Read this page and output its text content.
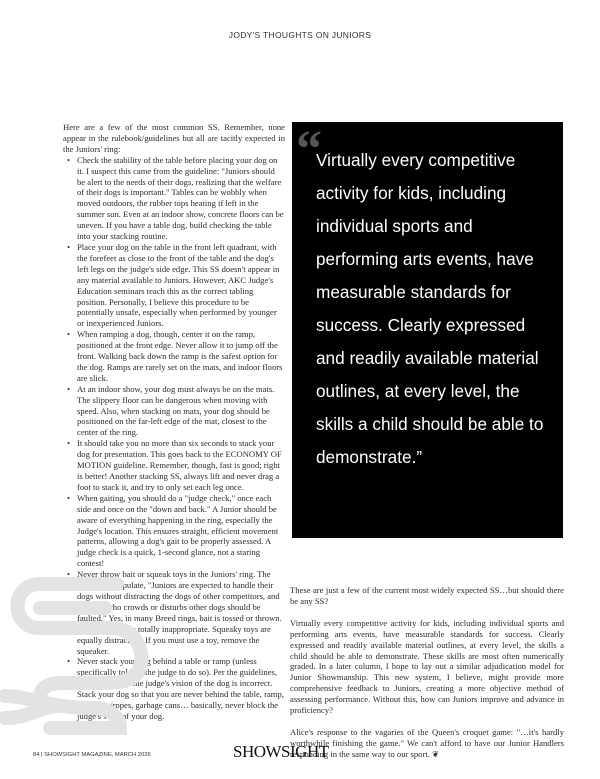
JODY'S THOUGHTS ON JUNIORS

Here are a few of the most common SS. Remember, none appear in the rulebook/guidelines but all are tacitly expected in the Juniors' ring:

• Check the stability of the table before placing your dog on it. I suspect this came from the guideline: "Juniors should be alert to the needs of their dogs, realizing that the welfare of their dogs is important." Tables can be wobbly when moved outdoors, the rubber tops heating if left in the summer sun. Even at an indoor show, concrete floors can be uneven. If you have a table dog, build checking the table into your stacking routine.
• Place your dog on the table in the front left quadrant, with the forefeet as close to the front of the table and the dog's left legs on the judge's side edge. This SS doesn't appear in any material available to Juniors. However, AKC Judge's Education seminars teach this as the correct tabling position. Personally, I believe this procedure to be potentially unsafe, especially when performed by younger or inexperienced Juniors.
• When ramping a dog, though, center it on the ramp, positioned at the front edge. Never allow it to jump off the front. Walking back down the ramp is the safest option for the dog. Ramps are rarely set on the mats, and indoor floors are slick.
• At an indoor show, your dog must always be on the mats. The slippery floor can be dangerous when moving with speed. Also, when stacking on mats, your dog should be positioned on the far-left edge of the mat, closest to the center of the ring.
• It should take you no more than six seconds to stack your dog for presentation. This goes back to the ECONOMY OF MOTION guideline. Remember, though, fast is good; right is better! Another stacking SS, always lift and never drag a foot to stack it, and try to only set each leg once.
• When gaiting, you should do a "judge check," once each side and once on the "down and back." A Junior should be aware of everything happening in the ring, especially the Judge's location. This ensures straight, efficient movement patterns, allowing a dog's gait to be properly assessed. A judge check is a quick, 1-second glance, not a staring contest!
• Never throw bait or squeak toys in the Juniors' ring. The guidelines stipulate, "Juniors are expected to handle their dogs without distracting the dogs of other competitors, and a Junior who crowds or disturbs other dogs should be faulted." Yes, in many Breed rings, bait is tossed or thrown. In Juniors, this is totally inappropriate. Squeaky toys are equally distracting. If you must use a toy, remove the squeaker.
• Never stack your dog behind a table or ramp (unless specifically told by the judge to do so). Per the guidelines, interfering with the judge's vision of the dog is incorrect. Stack your dog so that you are never behind the table, ramp, tent poles/ropes, garbage cans… basically, never block the judge's view of your dog.
“
Virtually every competitive activity for kids, including individual sports and performing arts events, have measurable standards for success. Clearly expressed and readily available material outlines, at every level, the skills a child should be able to demonstrate.”

These are just a few of the current most widely expected SS…but should there be any SS?

Virtually every competitive activity for kids, including individual sports and performing arts events, have measurable standards for success. Clearly expressed and readily available material outlines, at every level, the skills a child should be able to demonstrate. These skills are most often numerically graded. In a later column, I hope to lay out a similar adjudication model for Junior Showmanship. This new system, I believe, might provide more comprehensive feedback to Juniors, creating a more objective method of assessing performance. Without this, how can Juniors improve and advance in proficiency?

Alice's response to the vagaries of the Queen's croquet game: "…it's hardly worthwhile finishing the game." We can't afford to have our Junior Handlers responding in the same way to our sport. ❦

84 | SHOWSIGHT MAGAZINE, MARCH 2026	SHOWSIGHT
